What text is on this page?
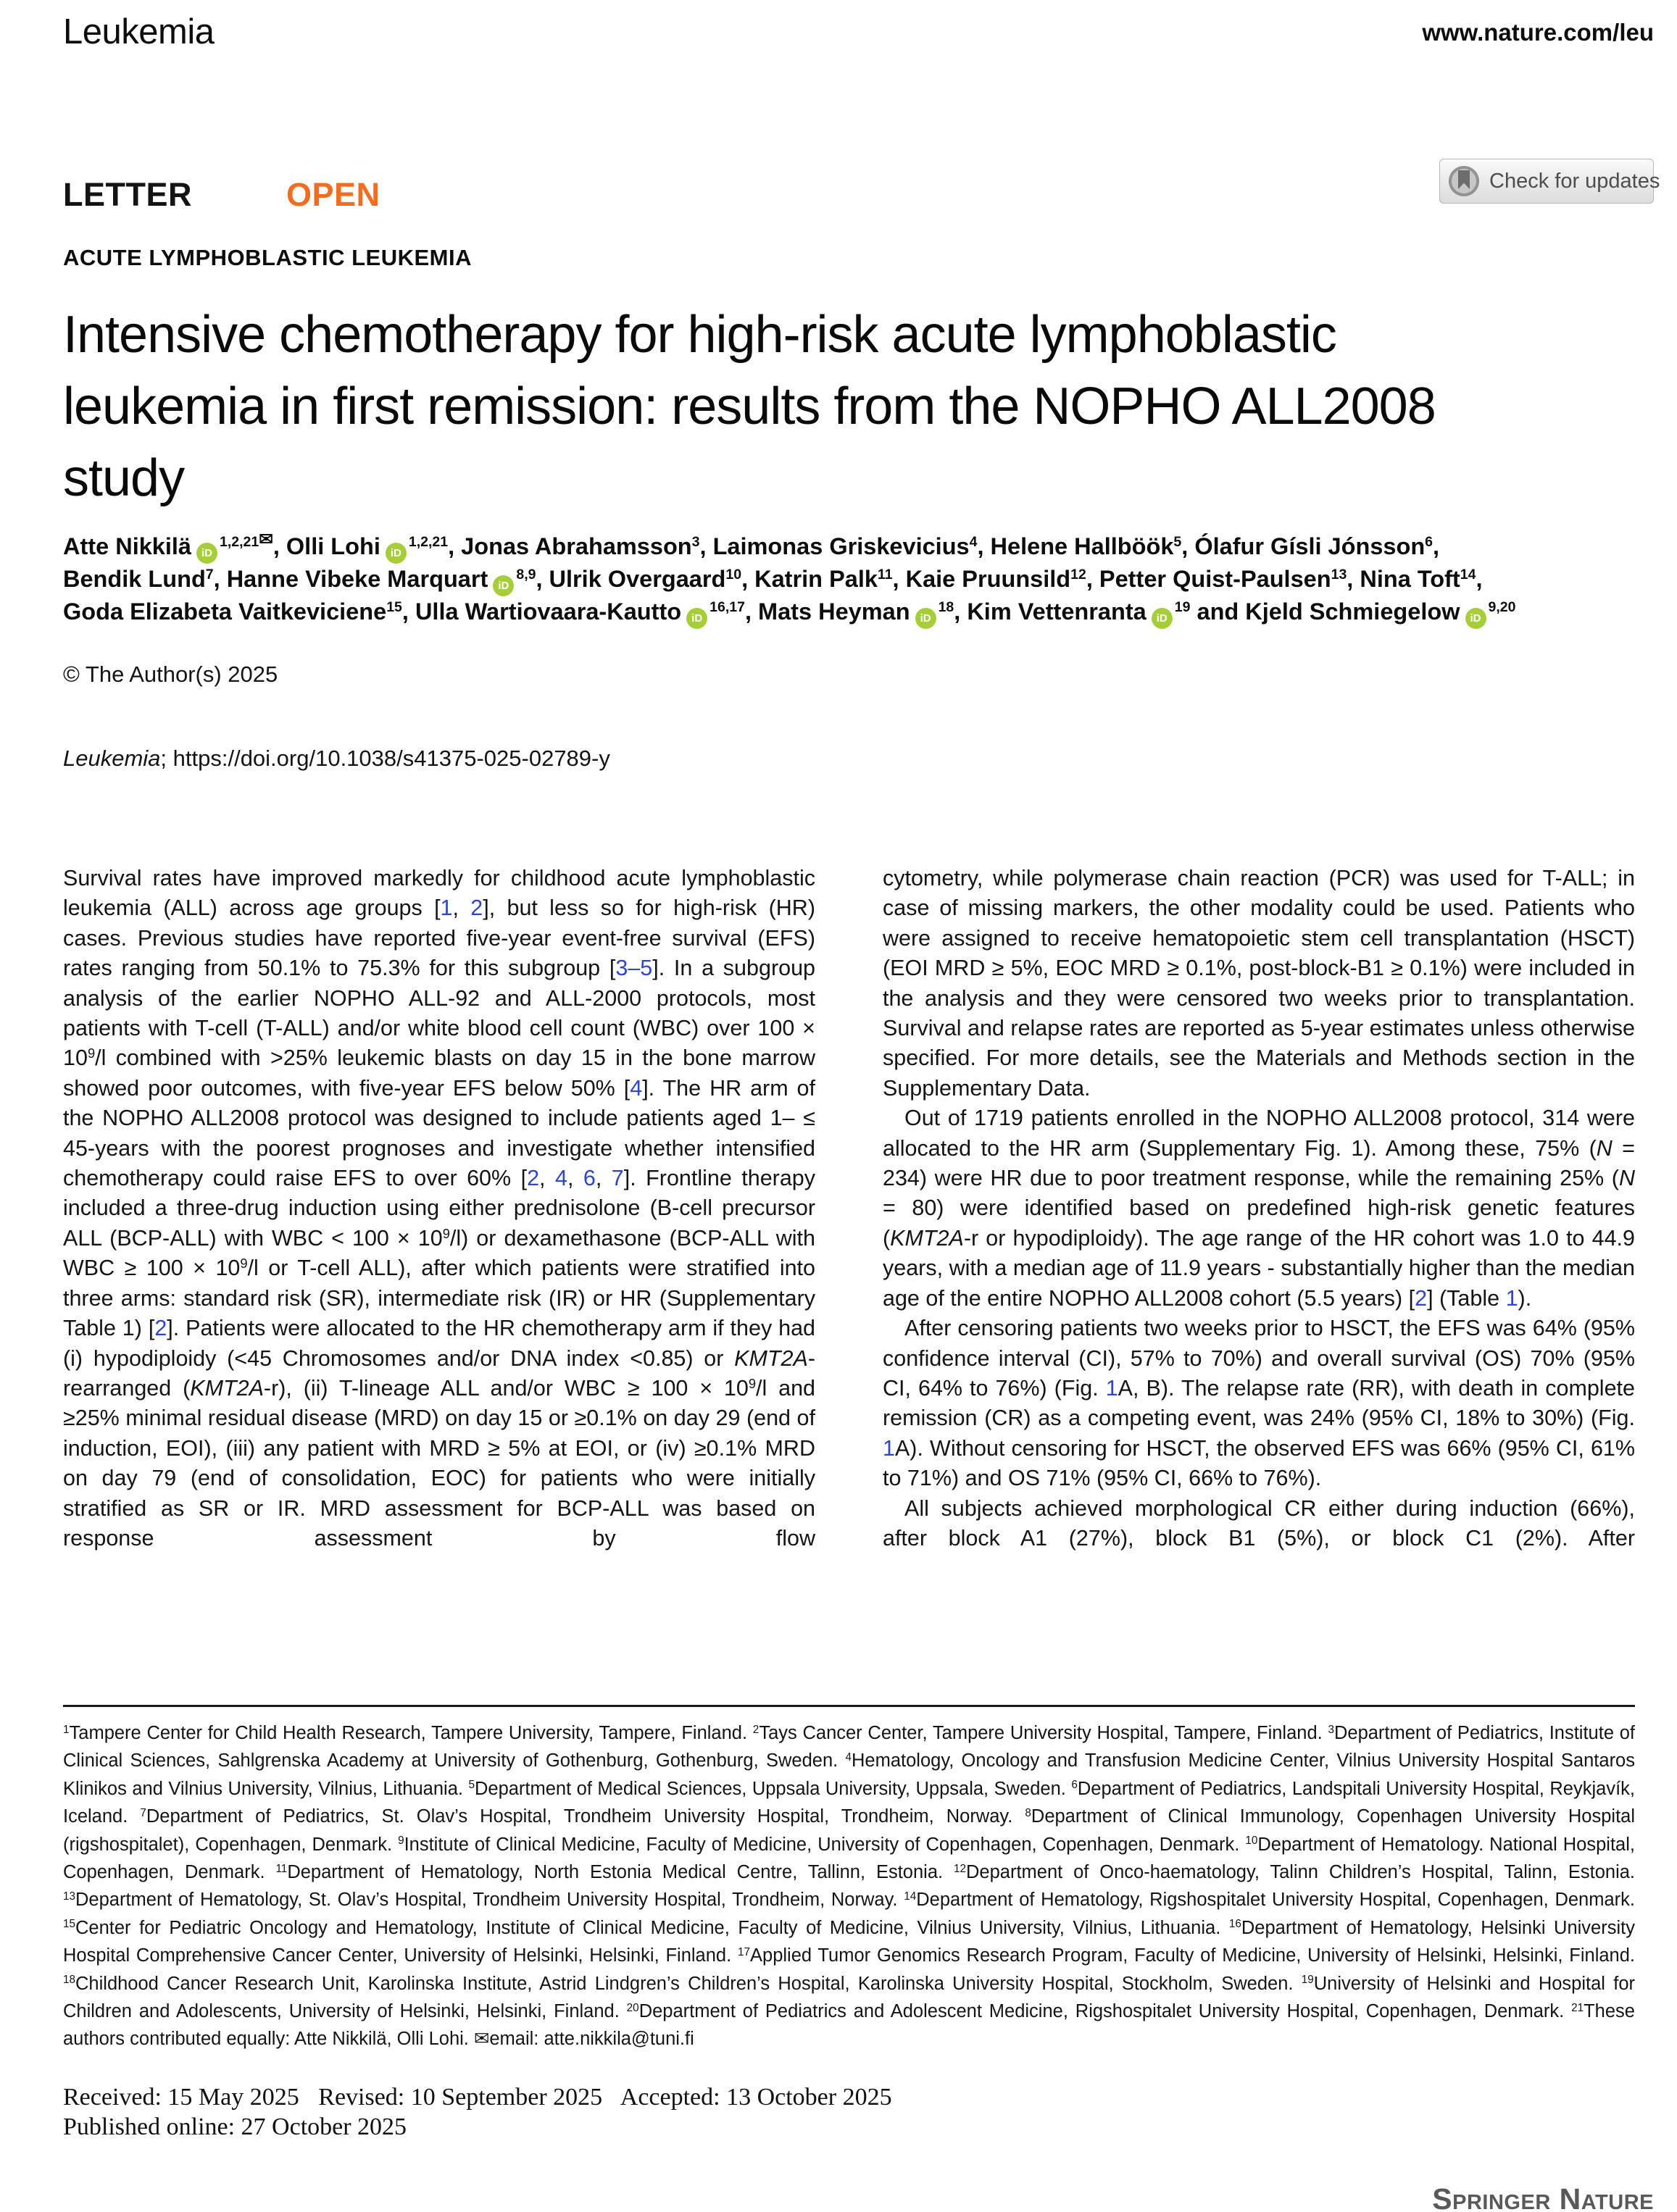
Leukemia	www.nature.com/leu
Check for updates
LETTER	OPEN
ACUTE LYMPHOBLASTIC LEUKEMIA
Intensive chemotherapy for high-risk acute lymphoblastic
leukemia in first remission: results from the NOPHO ALL2008
study
Atte Nikkilä $iD^{1,2,21✉}$, Olli Lohi iD$^{1,2,21}$, Jonas Abrahamsson$^3$, Laimonas Griskevicius$^4$, Helene Hallböök$^5$, Ólafur Gísli Jónsson$^6$,
Bendik Lund$^7$, Hanne Vibeke Marquart iD$^{8,9}$, Ulrik Overgaard$^{10}$, Katrin Palk$^{11}$, Kaie Pruunsild$^{12}$, Petter Quist-Paulsen$^{13}$, Nina Toft$^{14}$,
Goda Elizabeta Vaitkeviciene$^{15}$, Ulla Wartiovaara-Kautto iD$^{16,17}$, Mats Heyman $iD^{18}$, Kim Vettenranta $iD^{19}$ and Kjeld Schmiegelow iD$^{9,20}$
© The Author(s) 2025
Leukemia; https://doi.org/10.1038/s41375-025-02789-y

Survival rates have improved markedly for childhood acute lymphoblastic leukemia (ALL) across age groups [1, 2], but less so for high-risk (HR) cases. Previous studies have reported five-year event-free survival (EFS) rates ranging from 50.1% to 75.3% for this subgroup [3–5]. In a subgroup analysis of the earlier NOPHO ALL-92 and ALL-2000 protocols, most patients with T-cell (T-ALL) and/or white blood cell count (WBC) over $100 \times 10^9/l$ combined with >25% leukemic blasts on day 15 in the bone marrow showed poor outcomes, with five-year EFS below 50% [4]. The HR arm of the NOPHO ALL2008 protocol was designed to include patients aged 1– ≤ 45-years with the poorest prognoses and investigate whether intensified chemotherapy could raise EFS to over 60% [2, 4, 6, 7]. Frontline therapy included a three-drug induction using either prednisolone (B-cell precursor ALL (BCP-ALL) with WBC < $100 \times 10^9/l$) or dexamethasone (BCP-ALL with WBC ≥ $100 \times 10^9/l$ or T-cell ALL), after which patients were stratified into three arms: standard risk (SR), intermediate risk (IR) or HR (Supplementary Table 1) [2]. Patients were allocated to the HR chemotherapy arm if they had (i) hypodiploidy (<45 Chromosomes and/or DNA index <0.85) or KMT2A-rearranged (KMT2A-r), (ii) T-lineage ALL and/or WBC ≥ $100 \times 10^9/l$ and ≥25% minimal residual disease (MRD) on day 15 or ≥0.1% on day 29 (end of induction, EOI), (iii) any patient with MRD ≥ 5% at EOI, or (iv) ≥0.1% MRD on day 79 (end of consolidation, EOC) for patients who were initially stratified as SR or IR. MRD assessment for BCP-ALL was based on response assessment by flow

cytometry, while polymerase chain reaction (PCR) was used for T-ALL; in case of missing markers, the other modality could be used. Patients who were assigned to receive hematopoietic stem cell transplantation (HSCT) (EOI MRD ≥ 5%, EOC MRD ≥ 0.1%, post-block-B1 ≥ 0.1%) were included in the analysis and they were censored two weeks prior to transplantation. Survival and relapse rates are reported as 5-year estimates unless otherwise specified. For more details, see the Materials and Methods section in the Supplementary Data.

Out of 1719 patients enrolled in the NOPHO ALL2008 protocol, 314 were allocated to the HR arm (Supplementary Fig. 1). Among these, 75% (N = 234) were HR due to poor treatment response, while the remaining 25% (N = 80) were identified based on predefined high-risk genetic features (KMT2A-r or hypodiploidy). The age range of the HR cohort was 1.0 to 44.9 years, with a median age of 11.9 years - substantially higher than the median age of the entire NOPHO ALL2008 cohort (5.5 years) [2] (Table 1).

After censoring patients two weeks prior to HSCT, the EFS was 64% (95% confidence interval (CI), 57% to 70%) and overall survival (OS) 70% (95% CI, 64% to 76%) (Fig. 1A, B). The relapse rate (RR), with death in complete remission (CR) as a competing event, was 24% (95% CI, 18% to 30%) (Fig. 1A). Without censoring for HSCT, the observed EFS was 66% (95% CI, 61% to 71%) and OS 71% (95% CI, 66% to 76%).

All subjects achieved morphological CR either during induction (66%), after block A1 (27%), block B1 (5%), or block C1 (2%). After

$^1$Tampere Center for Child Health Research, Tampere University, Tampere, Finland. $^2$Tays Cancer Center, Tampere University Hospital, Tampere, Finland. $^3$Department of Pediatrics, Institute of Clinical Sciences, Sahlgrenska Academy at University of Gothenburg, Gothenburg, Sweden. $^4$Hematology, Oncology and Transfusion Medicine Center, Vilnius University Hospital Santaros Klinikos and Vilnius University, Vilnius, Lithuania. $^5$Department of Medical Sciences, Uppsala University, Uppsala, Sweden. $^6$Department of Pediatrics, Landspitali University Hospital, Reykjavík, Iceland. $^7$Department of Pediatrics, St. Olav’s Hospital, Trondheim University Hospital, Trondheim, Norway. $^8$Department of Clinical Immunology, Copenhagen University Hospital (rigshospitalet), Copenhagen, Denmark. $^9$Institute of Clinical Medicine, Faculty of Medicine, University of Copenhagen, Copenhagen, Denmark. $^{10}$Department of Hematology. National Hospital, Copenhagen, Denmark. $^{11}$Department of Hematology, North Estonia Medical Centre, Tallinn, Estonia. $^{12}$Department of Onco-haematology, Talinn Children’s Hospital, Talinn, Estonia. $^{13}$Department of Hematology, St. Olav’s Hospital, Trondheim University Hospital, Trondheim, Norway. $^{14}$Department of Hematology, Rigshospitalet University Hospital, Copenhagen, Denmark. $^{15}$Center for Pediatric Oncology and Hematology, Institute of Clinical Medicine, Faculty of Medicine, Vilnius University, Vilnius, Lithuania. $^{16}$Department of Hematology, Helsinki University Hospital Comprehensive Cancer Center, University of Helsinki, Helsinki, Finland. $^{17}$Applied Tumor Genomics Research Program, Faculty of Medicine, University of Helsinki, Helsinki, Finland. $^{18}$Childhood Cancer Research Unit, Karolinska Institute, Astrid Lindgren’s Children’s Hospital, Karolinska University Hospital, Stockholm, Sweden. $^{19}$University of Helsinki and Hospital for Children and Adolescents, University of Helsinki, Helsinki, Finland. $^{20}$Department of Pediatrics and Adolescent Medicine, Rigshospitalet University Hospital, Copenhagen, Denmark. $^{21}$These authors contributed equally: Atte Nikkilä, Olli Lohi. ✉email: atte.nikkila@tuni.fi
Received: 15 May 2025 Revised: 10 September 2025 Accepted: 13 October 2025
Published online: 27 October 2025
Springer Nature
